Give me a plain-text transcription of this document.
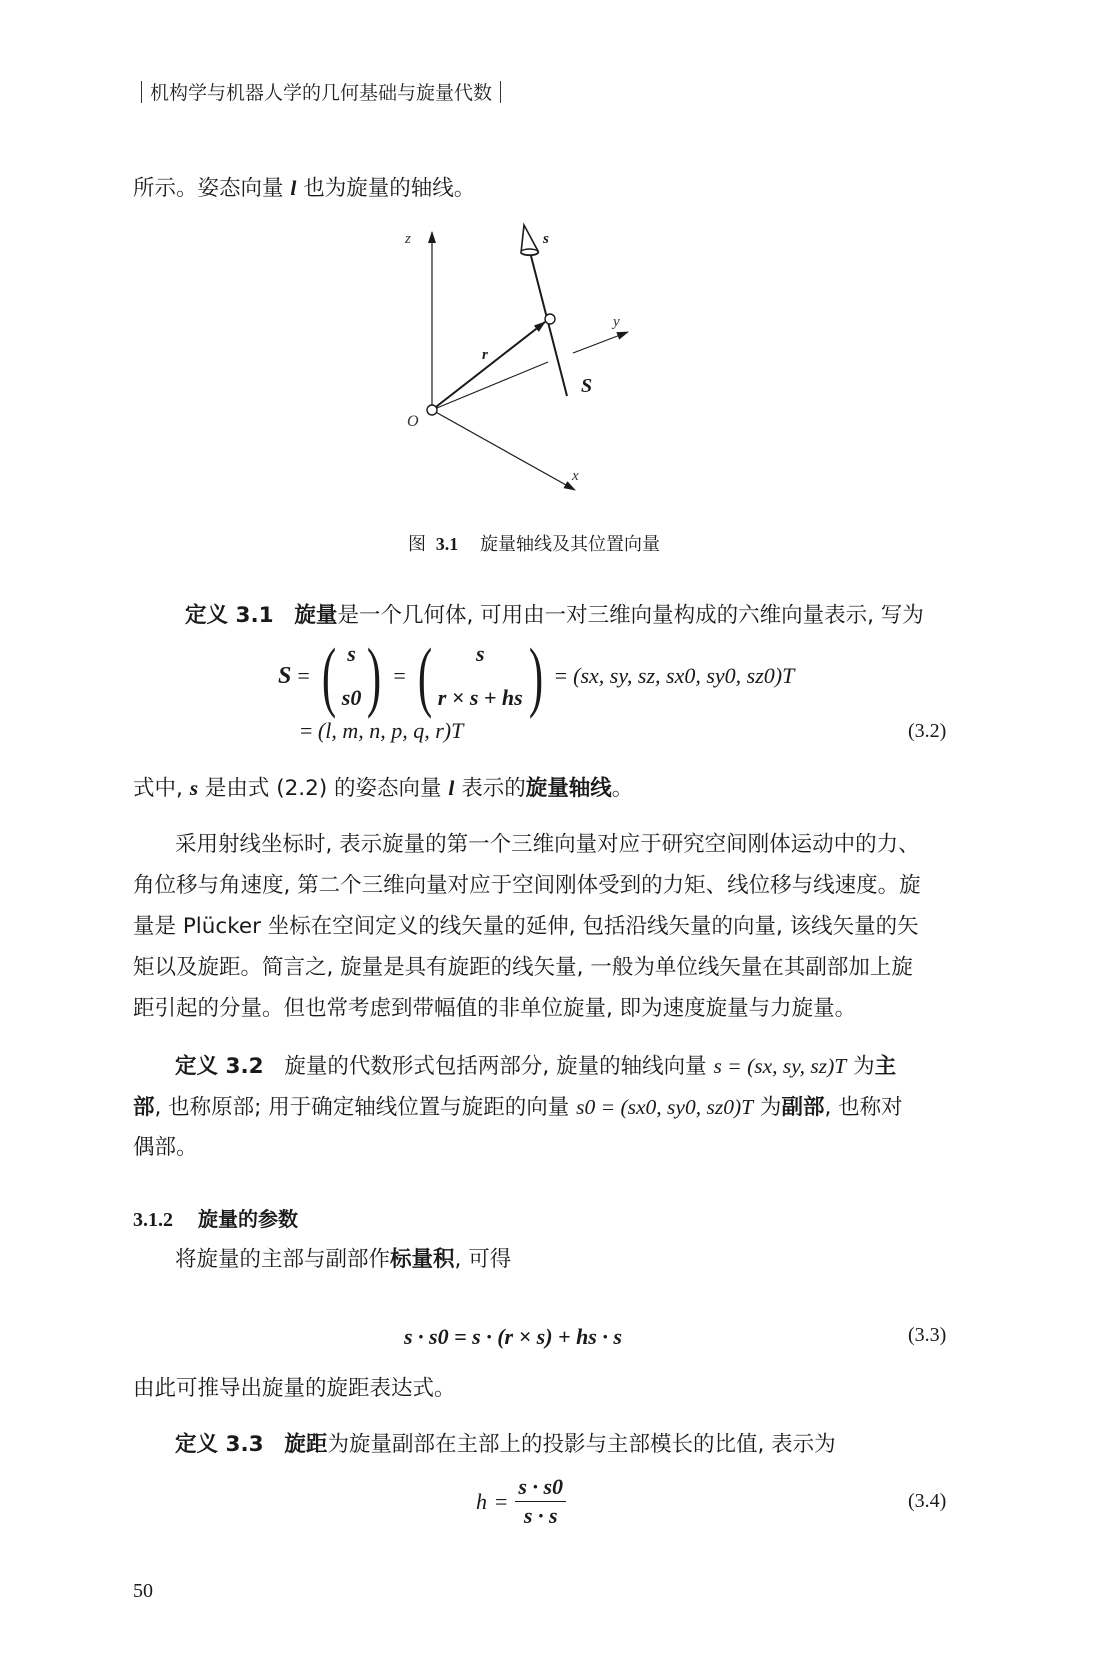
机构学与机器人学的几何基础与旋量代数
所示。姿态向量 l 也为旋量的轴线。
z
y
x
O
r
s
S
图 3.1 旋量轴线及其位置向量
定义 3.1 旋量是一个几何体, 可用由一对三维向量构成的六维向量表示, 写为
S = ( s
s0 ) = ( s
r × s + hs ) = (sx, sy, sz, sx0, sy0, sz0)T
= (l, m, n, p, q, r)T	(3.2)
式中, s 是由式 (2.2) 的姿态向量 l 表示的旋量轴线。
采用射线坐标时, 表示旋量的第一个三维向量对应于研究空间刚体运动中的力、
角位移与角速度, 第二个三维向量对应于空间刚体受到的力矩、线位移与线速度。旋
量是 Plücker 坐标在空间定义的线矢量的延伸, 包括沿线矢量的向量, 该线矢量的矢
矩以及旋距。简言之, 旋量是具有旋距的线矢量, 一般为单位线矢量在其副部加上旋
距引起的分量。但也常考虑到带幅值的非单位旋量, 即为速度旋量与力旋量。
定义 3.2 旋量的代数形式包括两部分, 旋量的轴线向量 s = (sx, sy, sz)T 为主
部, 也称原部; 用于确定轴线位置与旋距的向量 s0 = (sx0, sy0, sz0)T 为副部, 也称对
偶部。
3.1.2 旋量的参数
将旋量的主部与副部作标量积, 可得
s · s0 = s · (r × s) + hs · s	(3.3)
由此可推导出旋量的旋距表达式。
定义 3.3 旋距为旋量副部在主部上的投影与主部模长的比值, 表示为
$h = \frac{s \cdot s0}{s \cdot s}$	(3.4)
50
